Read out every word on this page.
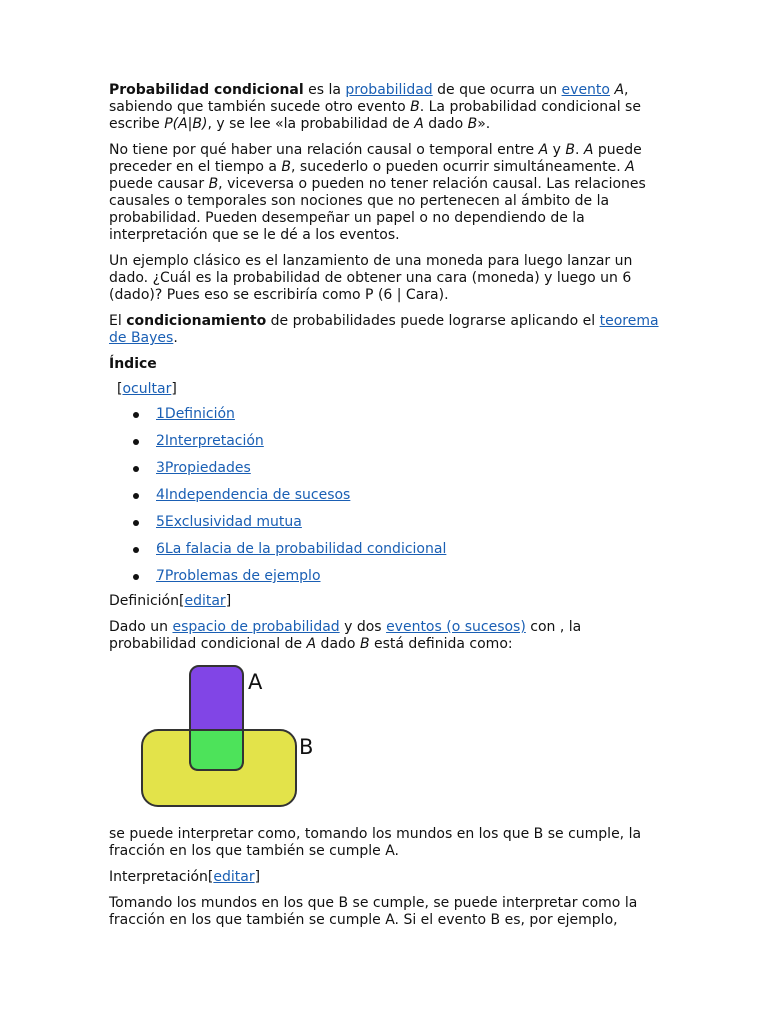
Probabilidad condicional es la probabilidad de que ocurra un evento A, sabiendo que también sucede otro evento B. La probabilidad condicional se escribe P(A|B), y se lee «la probabilidad de A dado B».

No tiene por qué haber una relación causal o temporal entre A y B. A puede preceder en el tiempo a B, sucederlo o pueden ocurrir simultáneamente. A puede causar B, viceversa o pueden no tener relación causal. Las relaciones causales o temporales son nociones que no pertenecen al ámbito de la probabilidad. Pueden desempeñar un papel o no dependiendo de la interpretación que se le dé a los eventos.

Un ejemplo clásico es el lanzamiento de una moneda para luego lanzar un dado. ¿Cuál es la probabilidad de obtener una cara (moneda) y luego un 6 (dado)? Pues eso se escribiría como P (6 | Cara).

El condicionamiento de probabilidades puede lograrse aplicando el teorema de Bayes.

Índice

[ocultar]

1Definición
2Interpretación
3Propiedades
4Independencia de sucesos
5Exclusividad mutua
6La falacia de la probabilidad condicional
7Problemas de ejemplo

Definición[editar]

Dado un espacio de probabilidad y dos eventos (o sucesos) con , la probabilidad condicional de A dado B está definida como:

A
B

se puede interpretar como, tomando los mundos en los que B se cumple, la fracción en los que también se cumple A.

Interpretación[editar]

Tomando los mundos en los que B se cumple, se puede interpretar como la fracción en los que también se cumple A. Si el evento B es, por ejemplo,
